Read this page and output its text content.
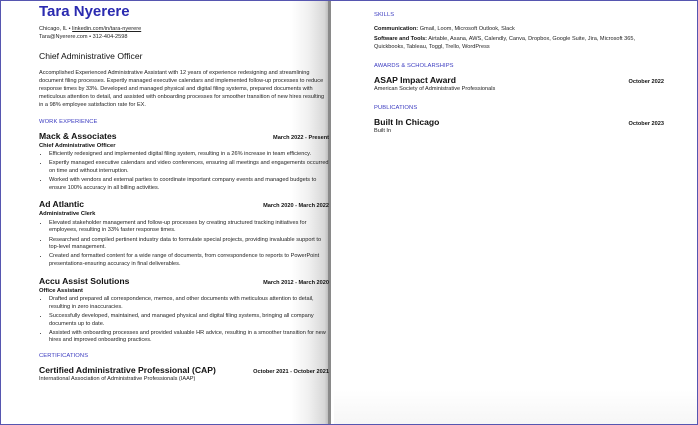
Tara Nyerere
Chicago, IL • linkedin.com/in/tara-nyerere
Tara@Nyerere.com • 312-404-2598
Chief Administrative Officer
Accomplished Experienced Administrative Assistant with 12 years of experience redesigning and streamlining document filing processes. Expertly managed executive calendars and implemented follow-up processes to reduce response times by 33%. Developed and managed physical and digital filing systems, prepared documents with meticulous attention to detail, and assisted with onboarding processes for smoother transition of new hires resulting in a 98% employee satisfaction rate for EX.
WORK EXPERIENCE
Mack & Associates	March 2022 - Present
Chief Administrative Officer
• Efficiently redesigned and implemented digital filing system, resulting in a 26% increase in team efficiency.
• Expertly managed executive calendars and video conferences, ensuring all meetings and engagements occurred on time and without interruption.
• Worked with vendors and external parties to coordinate important company events and managed budgets to ensure 100% accuracy in all billing activities.
Ad Atlantic	March 2020 - March 2022
Administrative Clerk
• Elevated stakeholder management and follow-up processes by creating structured tracking initiatives for employees, resulting in 33% faster response times.
• Researched and compiled pertinent industry data to formulate special projects, providing invaluable support to top-level management.
• Created and formatted content for a wide range of documents, from correspondence to reports to PowerPoint presentations-ensuring accuracy in final deliverables.
Accu Assist Solutions	March 2012 - March 2020
Office Assistant
• Drafted and prepared all correspondence, memos, and other documents with meticulous attention to detail, resulting in zero inaccuracies.
• Successfully developed, maintained, and managed physical and digital filing systems, bringing all company documents up to date.
• Assisted with onboarding processes and provided valuable HR advice, resulting in a smoother transition for new hires and improved onboarding practices.
CERTIFICATIONS
Certified Administrative Professional (CAP)	October 2021 - October 2021
International Association of Administrative Professionals (IAAP)
SKILLS
Communication: Gmail, Loom, Microsoft Outlook, Slack
Software and Tools: Airtable, Asana, AWS, Calendly, Canva, Dropbox, Google Suite, Jira, Microsoft 365, Quickbooks, Tableau, Toggl, Trello, WordPress
AWARDS & SCHOLARSHIPS
ASAP Impact Award	October 2022
American Society of Administrative Professionals
PUBLICATIONS
Built In Chicago	October 2023
Built In
